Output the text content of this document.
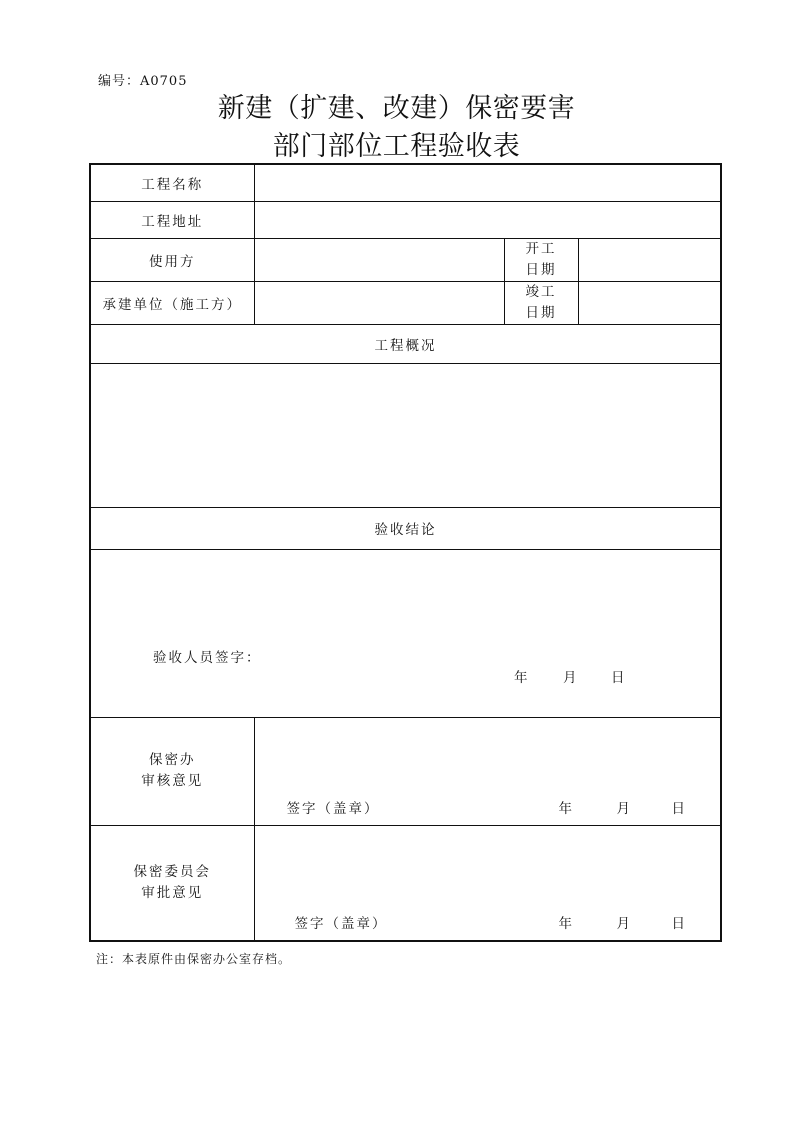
编号：A0705
新建（扩建、改建）保密要害
部门部位工程验收表
工程名称			
工程地址			
使用方		开工
日期	

承建单位（施工方）		竣工
日期	

工程概况			

验收结论			

验收人员签字：
年 月 日			

保密办
审核意见	签字（盖章） 年 月 日		

保密委员会
审批意见	签字（盖章） 年 月 日		
注：本表原件由保密办公室存档。
